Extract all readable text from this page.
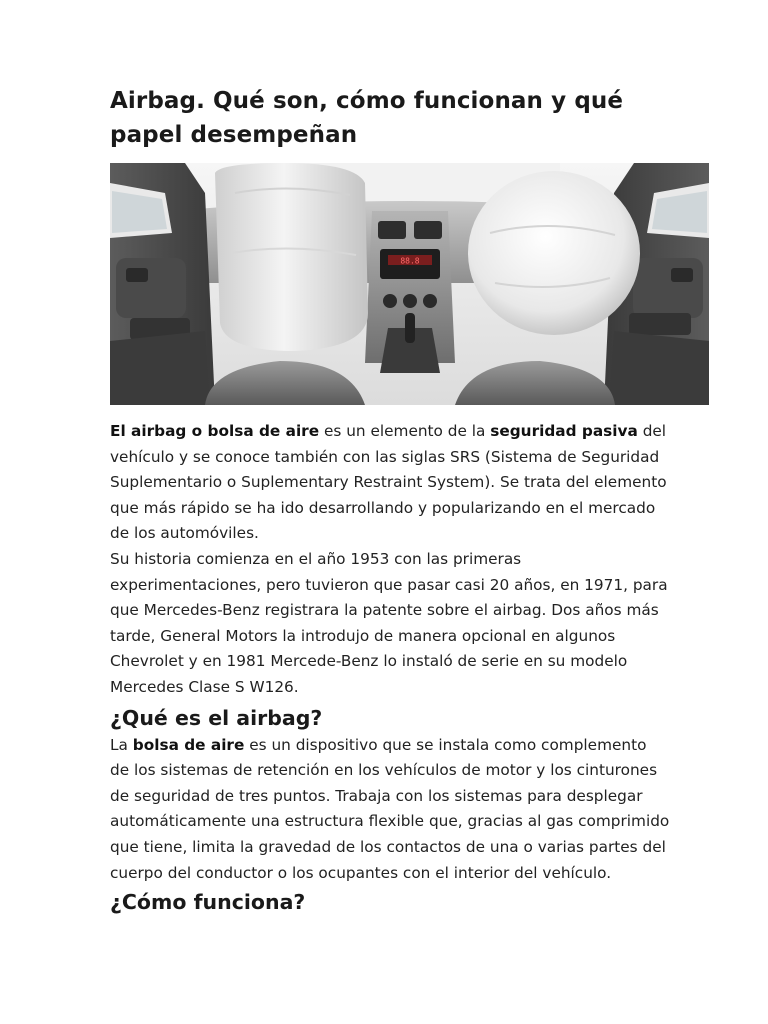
Airbag. Qué son, cómo funcionan y qué papel desempeñan
88.8

El airbag o bolsa de aire es un elemento de la seguridad pasiva del vehículo y se conoce también con las siglas SRS (Sistema de Seguridad Suplementario o Suplementary Restraint System). Se trata del elemento que más rápido se ha ido desarrollando y popularizando en el mercado de los automóviles.

Su historia comienza en el año 1953 con las primeras experimentaciones, pero tuvieron que pasar casi 20 años, en 1971, para que Mercedes-Benz registrara la patente sobre el airbag. Dos años más tarde, General Motors la introdujo de manera opcional en algunos Chevrolet y en 1981 Mercede-Benz lo instaló de serie en su modelo Mercedes Clase S W126.

¿Qué es el airbag?

La bolsa de aire es un dispositivo que se instala como complemento de los sistemas de retención en los vehículos de motor y los cinturones de seguridad de tres puntos. Trabaja con los sistemas para desplegar automáticamente una estructura flexible que, gracias al gas comprimido que tiene, limita la gravedad de los contactos de una o varias partes del cuerpo del conductor o los ocupantes con el interior del vehículo.

¿Cómo funciona?
